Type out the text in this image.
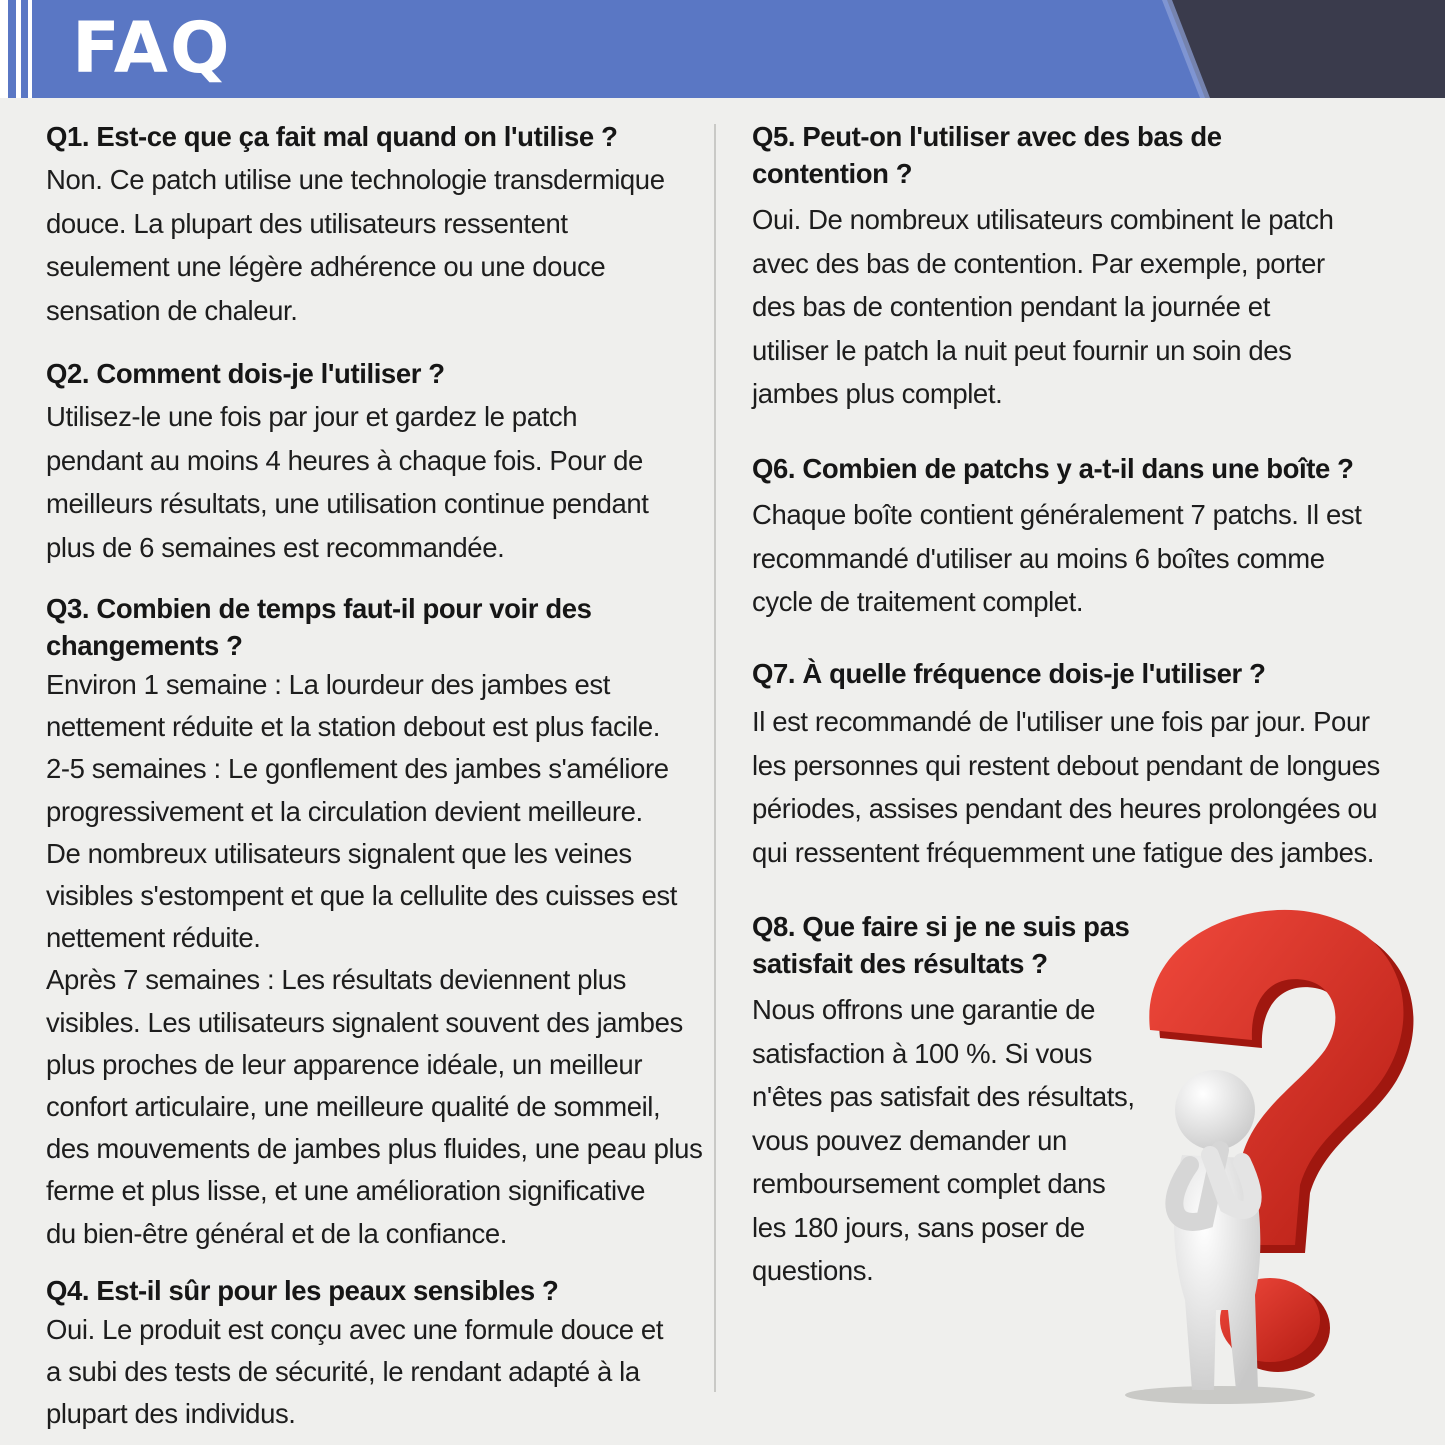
FAQ

Q1. Est-ce que ça fait mal quand on l'utilise ?

Non. Ce patch utilise une technologie transdermique
douce. La plupart des utilisateurs ressentent
seulement une légère adhérence ou une douce
sensation de chaleur.

Q2. Comment dois-je l'utiliser ?

Utilisez-le une fois par jour et gardez le patch
pendant au moins 4 heures à chaque fois. Pour de
meilleurs résultats, une utilisation continue pendant
plus de 6 semaines est recommandée.

Q3. Combien de temps faut-il pour voir des
changements ?

Environ 1 semaine : La lourdeur des jambes est
nettement réduite et la station debout est plus facile.
2-5 semaines : Le gonflement des jambes s'améliore
progressivement et la circulation devient meilleure.
De nombreux utilisateurs signalent que les veines
visibles s'estompent et que la cellulite des cuisses est
nettement réduite.
Après 7 semaines : Les résultats deviennent plus
visibles. Les utilisateurs signalent souvent des jambes
plus proches de leur apparence idéale, un meilleur
confort articulaire, une meilleure qualité de sommeil,
des mouvements de jambes plus fluides, une peau plus
ferme et plus lisse, et une amélioration significative
du bien-être général et de la confiance.

Q4. Est-il sûr pour les peaux sensibles ?

Oui. Le produit est conçu avec une formule douce et
a subi des tests de sécurité, le rendant adapté à la
plupart des individus.

Q5. Peut-on l'utiliser avec des bas de
contention ?

Oui. De nombreux utilisateurs combinent le patch
avec des bas de contention. Par exemple, porter
des bas de contention pendant la journée et
utiliser le patch la nuit peut fournir un soin des
jambes plus complet.

Q6. Combien de patchs y a-t-il dans une boîte ?

Chaque boîte contient généralement 7 patchs. Il est
recommandé d'utiliser au moins 6 boîtes comme
cycle de traitement complet.

Q7. À quelle fréquence dois-je l'utiliser ?

Il est recommandé de l'utiliser une fois par jour. Pour
les personnes qui restent debout pendant de longues
périodes, assises pendant des heures prolongées ou
qui ressentent fréquemment une fatigue des jambes.

Q8. Que faire si je ne suis pas
satisfait des résultats ?

Nous offrons une garantie de
satisfaction à 100 %. Si vous
n'êtes pas satisfait des résultats,
vous pouvez demander un
remboursement complet dans
les 180 jours, sans poser de
questions.
